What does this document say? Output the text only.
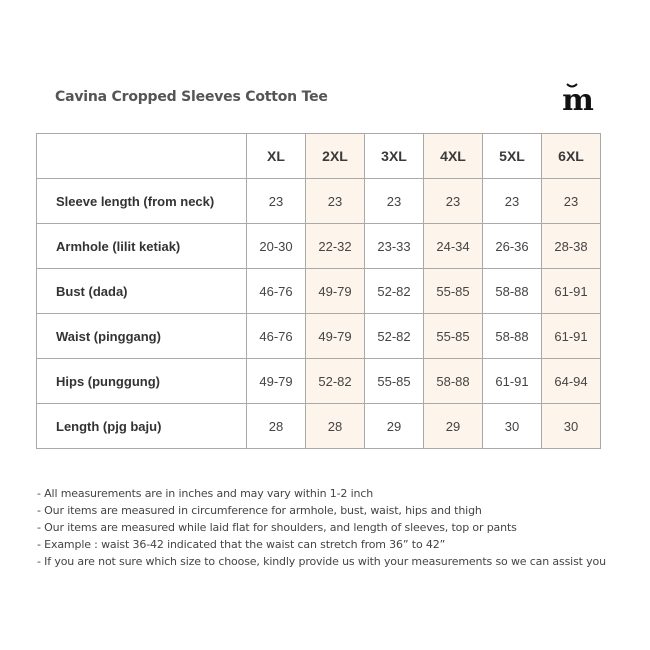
Cavina Cropped Sleeves Cotton Tee	m
	XL	2XL	3XL	4XL	5XL	6XL
Sleeve length (from neck)	23	23	23	23	23	23
Armhole (lilit ketiak)	20-30	22-32	23-33	24-34	26-36	28-38
Bust (dada)	46-76	49-79	52-82	55-85	58-88	61-91
Waist (pinggang)	46-76	49-79	52-82	55-85	58-88	61-91
Hips (punggung)	49-79	52-82	55-85	58-88	61-91	64-94
Length (pjg baju)	28	28	29	29	30	30
- All measurements are in inches and may vary within 1-2 inch
- Our items are measured in circumference for armhole, bust, waist, hips and thigh
- Our items are measured while laid flat for shoulders, and length of sleeves, top or pants
- Example : waist 36-42 indicated that the waist can stretch from 36” to 42”
- If you are not sure which size to choose, kindly provide us with your measurements so we can assist you
